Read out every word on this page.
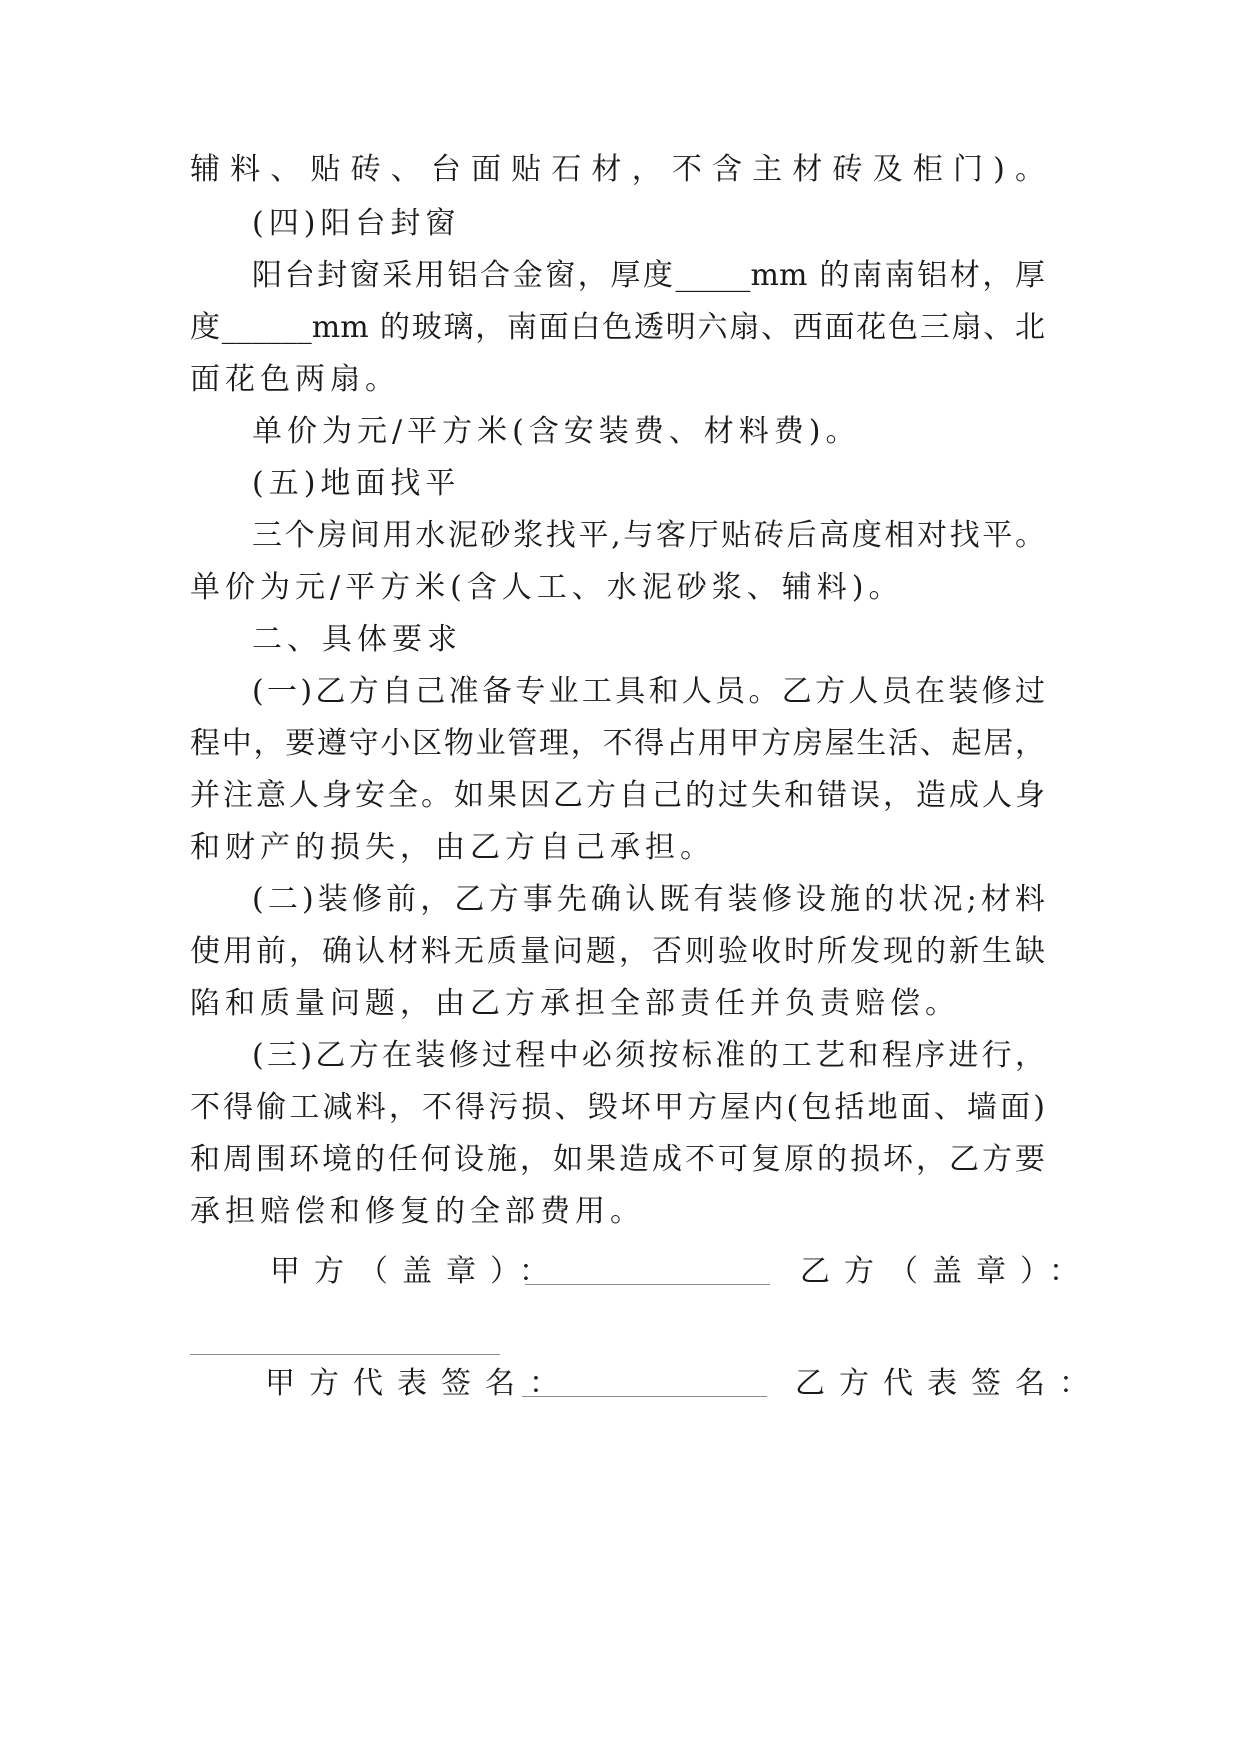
辅料、贴砖、台面贴石材，不含主材砖及柜门)。
(四)阳台封窗
阳台封窗采用铝合金窗，厚度_____mm 的南南铝材，厚
度______mm 的玻璃，南面白色透明六扇、西面花色三扇、北
面花色两扇。
单价为元/平方米(含安装费、材料费)。
(五)地面找平
三个房间用水泥砂浆找平,与客厅贴砖后高度相对找平。
单价为元/平方米(含人工、水泥砂浆、辅料)。
二、具体要求
(一)乙方自己准备专业工具和人员。乙方人员在装修过
程中，要遵守小区物业管理，不得占用甲方房屋生活、起居，
并注意人身安全。如果因乙方自己的过失和错误，造成人身
和财产的损失，由乙方自己承担。
(二)装修前，乙方事先确认既有装修设施的状况;材料
使用前，确认材料无质量问题，否则验收时所发现的新生缺
陷和质量问题，由乙方承担全部责任并负责赔偿。
(三)乙方在装修过程中必须按标准的工艺和程序进行，
不得偷工减料，不得污损、毁坏甲方屋内(包括地面、墙面)
和周围环境的任何设施，如果造成不可复原的损坏，乙方要
承担赔偿和修复的全部费用。
甲方（盖章）：	乙方（盖章）：
甲方代表签名：	乙方代表签名：
